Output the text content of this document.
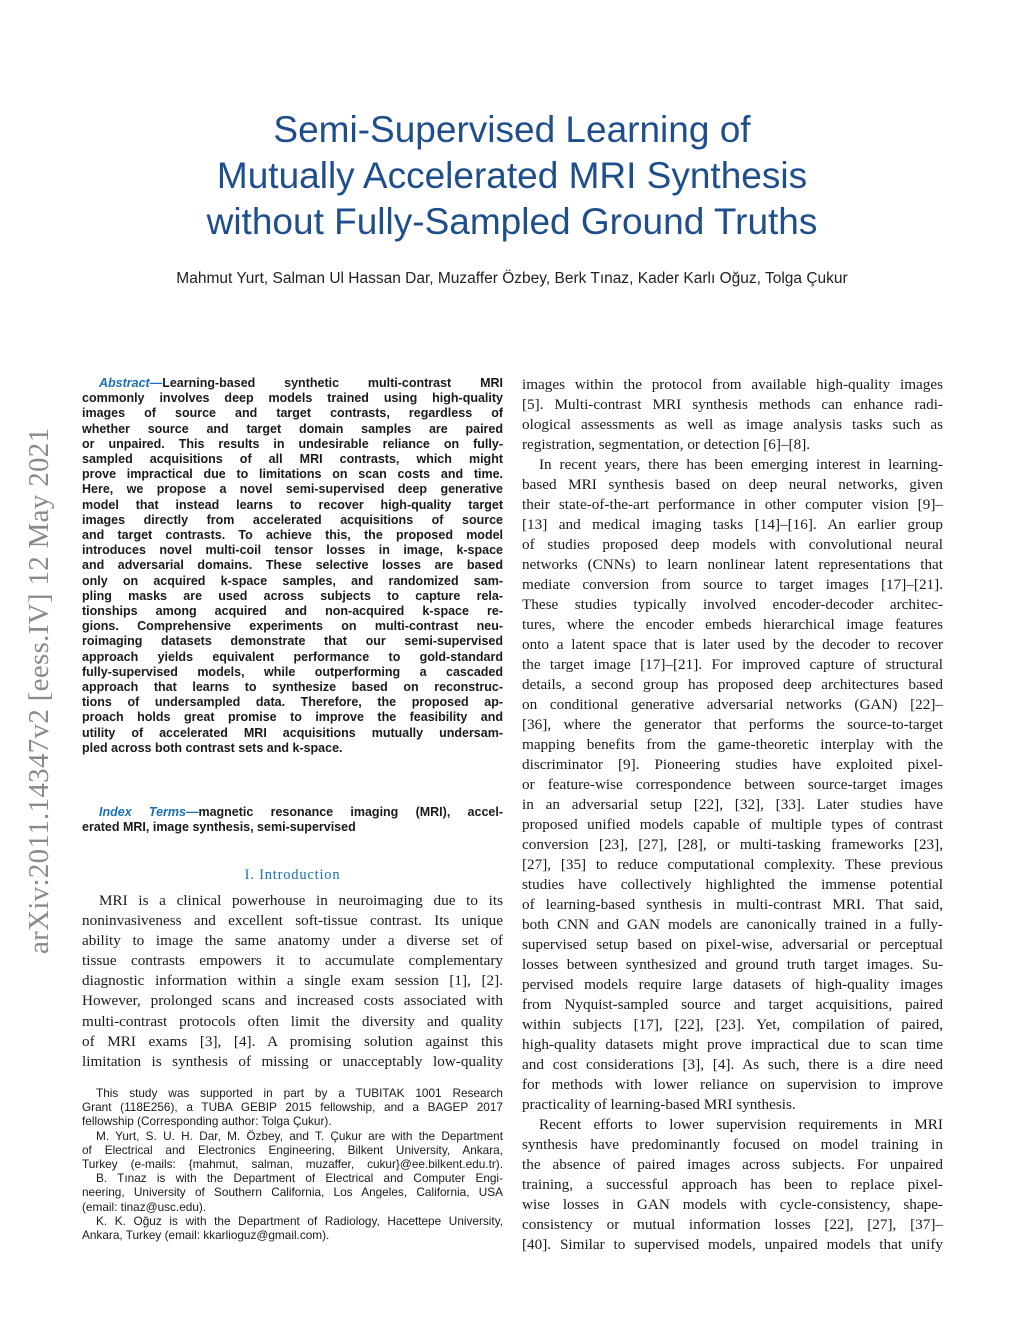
arXiv:2011.14347v2 [eess.IV] 12 May 2021
Semi-Supervised Learning of
Mutually Accelerated MRI Synthesis
without Fully-Sampled Ground Truths
Mahmut Yurt, Salman Ul Hassan Dar, Muzaffer Özbey, Berk Tınaz, Kader Karlı Oğuz, Tolga Çukur
Abstract—Learning-based synthetic multi-contrast MRI
commonly involves deep models trained using high-quality
images of source and target contrasts, regardless of
whether source and target domain samples are paired
or unpaired. This results in undesirable reliance on fully-
sampled acquisitions of all MRI contrasts, which might
prove impractical due to limitations on scan costs and time.
Here, we propose a novel semi-supervised deep generative
model that instead learns to recover high-quality target
images directly from accelerated acquisitions of source
and target contrasts. To achieve this, the proposed model
introduces novel multi-coil tensor losses in image, k-space
and adversarial domains. These selective losses are based
only on acquired k-space samples, and randomized sam-
pling masks are used across subjects to capture rela-
tionships among acquired and non-acquired k-space re-
gions. Comprehensive experiments on multi-contrast neu-
roimaging datasets demonstrate that our semi-supervised
approach yields equivalent performance to gold-standard
fully-supervised models, while outperforming a cascaded
approach that learns to synthesize based on reconstruc-
tions of undersampled data. Therefore, the proposed ap-
proach holds great promise to improve the feasibility and
utility of accelerated MRI acquisitions mutually undersam-
pled across both contrast sets and k-space.
Index Terms—magnetic resonance imaging (MRI), accel-
erated MRI, image synthesis, semi-supervised
I. Introduction
MRI is a clinical powerhouse in neuroimaging due to its
noninvasiveness and excellent soft-tissue contrast. Its unique
ability to image the same anatomy under a diverse set of
tissue contrasts empowers it to accumulate complementary
diagnostic information within a single exam session [1], [2].
However, prolonged scans and increased costs associated with
multi-contrast protocols often limit the diversity and quality
of MRI exams [3], [4]. A promising solution against this
limitation is synthesis of missing or unacceptably low-quality
This study was supported in part by a TUBITAK 1001 Research
Grant (118E256), a TUBA GEBIP 2015 fellowship, and a BAGEP 2017
fellowship (Corresponding author: Tolga Çukur).
M. Yurt, S. U. H. Dar, M. Özbey, and T. Çukur are with the Department
of Electrical and Electronics Engineering, Bilkent University, Ankara,
Turkey (e-mails: {mahmut, salman, muzaffer, cukur}@ee.bilkent.edu.tr).
B. Tınaz is with the Department of Electrical and Computer Engi-
neering, University of Southern California, Los Angeles, California, USA
(email: tinaz@usc.edu).
K. K. Oğuz is with the Department of Radiology, Hacettepe University,
Ankara, Turkey (email: kkarlioguz@gmail.com).
images within the protocol from available high-quality images
[5]. Multi-contrast MRI synthesis methods can enhance radi-
ological assessments as well as image analysis tasks such as
registration, segmentation, or detection [6]–[8].
In recent years, there has been emerging interest in learning-
based MRI synthesis based on deep neural networks, given
their state-of-the-art performance in other computer vision [9]–
[13] and medical imaging tasks [14]–[16]. An earlier group
of studies proposed deep models with convolutional neural
networks (CNNs) to learn nonlinear latent representations that
mediate conversion from source to target images [17]–[21].
These studies typically involved encoder-decoder architec-
tures, where the encoder embeds hierarchical image features
onto a latent space that is later used by the decoder to recover
the target image [17]–[21]. For improved capture of structural
details, a second group has proposed deep architectures based
on conditional generative adversarial networks (GAN) [22]–
[36], where the generator that performs the source-to-target
mapping benefits from the game-theoretic interplay with the
discriminator [9]. Pioneering studies have exploited pixel-
or feature-wise correspondence between source-target images
in an adversarial setup [22], [32], [33]. Later studies have
proposed unified models capable of multiple types of contrast
conversion [23], [27], [28], or multi-tasking frameworks [23],
[27], [35] to reduce computational complexity. These previous
studies have collectively highlighted the immense potential
of learning-based synthesis in multi-contrast MRI. That said,
both CNN and GAN models are canonically trained in a fully-
supervised setup based on pixel-wise, adversarial or perceptual
losses between synthesized and ground truth target images. Su-
pervised models require large datasets of high-quality images
from Nyquist-sampled source and target acquisitions, paired
within subjects [17], [22], [23]. Yet, compilation of paired,
high-quality datasets might prove impractical due to scan time
and cost considerations [3], [4]. As such, there is a dire need
for methods with lower reliance on supervision to improve
practicality of learning-based MRI synthesis.
Recent efforts to lower supervision requirements in MRI
synthesis have predominantly focused on model training in
the absence of paired images across subjects. For unpaired
training, a successful approach has been to replace pixel-
wise losses in GAN models with cycle-consistency, shape-
consistency or mutual information losses [22], [27], [37]–
[40]. Similar to supervised models, unpaired models that unify
